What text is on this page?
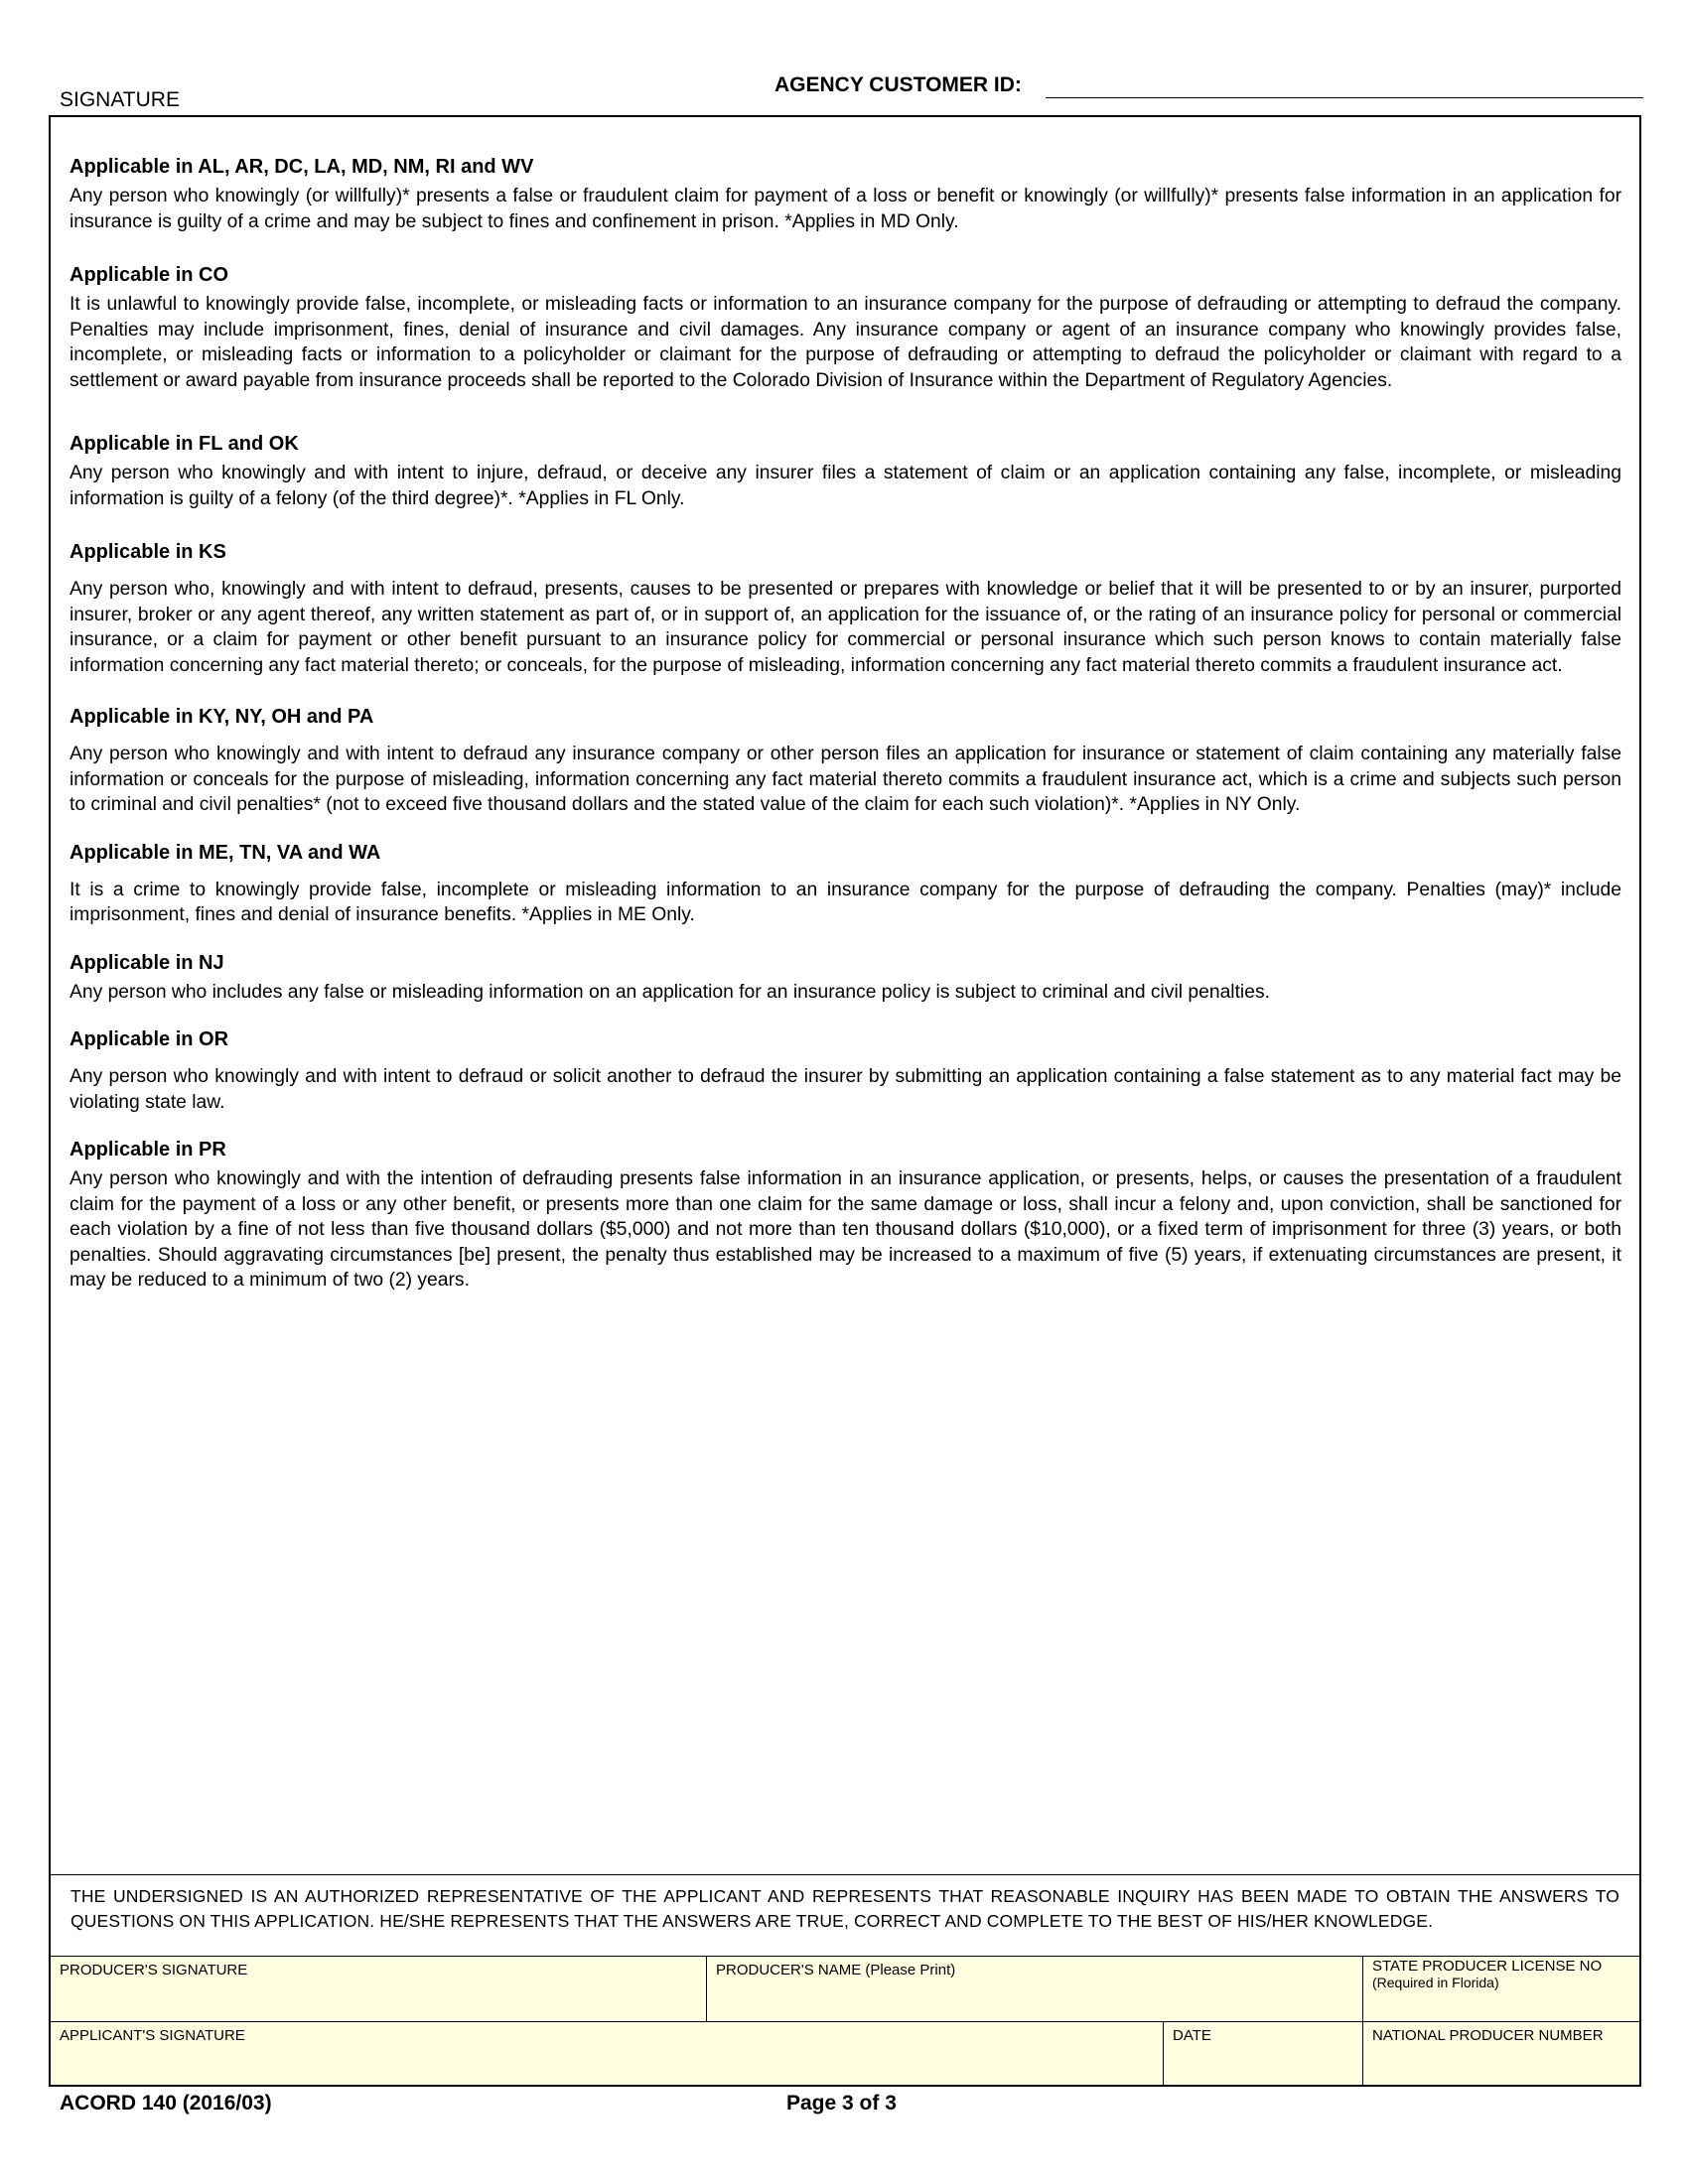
SIGNATURE
AGENCY CUSTOMER ID:
Applicable in AL, AR, DC, LA, MD, NM, RI and WV

Any person who knowingly (or willfully)* presents a false or fraudulent claim for payment of a loss or benefit or knowingly (or willfully)* presents false information in an application for insurance is guilty of a crime and may be subject to fines and confinement in prison. *Applies in MD Only.

Applicable in CO

It is unlawful to knowingly provide false, incomplete, or misleading facts or information to an insurance company for the purpose of defrauding or attempting to defraud the company. Penalties may include imprisonment, fines, denial of insurance and civil damages. Any insurance company or agent of an insurance company who knowingly provides false, incomplete, or misleading facts or information to a policyholder or claimant for the purpose of defrauding or attempting to defraud the policyholder or claimant with regard to a settlement or award payable from insurance proceeds shall be reported to the Colorado Division of Insurance within the Department of Regulatory Agencies.

Applicable in FL and OK

Any person who knowingly and with intent to injure, defraud, or deceive any insurer files a statement of claim or an application containing any false, incomplete, or misleading information is guilty of a felony (of the third degree)*. *Applies in FL Only.

Applicable in KS

Any person who, knowingly and with intent to defraud, presents, causes to be presented or prepares with knowledge or belief that it will be presented to or by an insurer, purported insurer, broker or any agent thereof, any written statement as part of, or in support of, an application for the issuance of, or the rating of an insurance policy for personal or commercial insurance, or a claim for payment or other benefit pursuant to an insurance policy for commercial or personal insurance which such person knows to contain materially false information concerning any fact material thereto; or conceals, for the purpose of misleading, information concerning any fact material thereto commits a fraudulent insurance act.

Applicable in KY, NY, OH and PA

Any person who knowingly and with intent to defraud any insurance company or other person files an application for insurance or statement of claim containing any materially false information or conceals for the purpose of misleading, information concerning any fact material thereto commits a fraudulent insurance act, which is a crime and subjects such person to criminal and civil penalties* (not to exceed five thousand dollars and the stated value of the claim for each such violation)*. *Applies in NY Only.

Applicable in ME, TN, VA and WA

It is a crime to knowingly provide false, incomplete or misleading information to an insurance company for the purpose of defrauding the company. Penalties (may)* include imprisonment, fines and denial of insurance benefits. *Applies in ME Only.

Applicable in NJ

Any person who includes any false or misleading information on an application for an insurance policy is subject to criminal and civil penalties.

Applicable in OR

Any person who knowingly and with intent to defraud or solicit another to defraud the insurer by submitting an application containing a false statement as to any material fact may be violating state law.

Applicable in PR

Any person who knowingly and with the intention of defrauding presents false information in an insurance application, or presents, helps, or causes the presentation of a fraudulent claim for the payment of a loss or any other benefit, or presents more than one claim for the same damage or loss, shall incur a felony and, upon conviction, shall be sanctioned for each violation by a fine of not less than five thousand dollars ($5,000) and not more than ten thousand dollars ($10,000), or a fixed term of imprisonment for three (3) years, or both penalties. Should aggravating circumstances [be] present, the penalty thus established may be increased to a maximum of five (5) years, if extenuating circumstances are present, it may be reduced to a minimum of two (2) years.

THE UNDERSIGNED IS AN AUTHORIZED REPRESENTATIVE OF THE APPLICANT AND REPRESENTS THAT REASONABLE INQUIRY HAS BEEN MADE TO OBTAIN THE ANSWERS TO QUESTIONS ON THIS APPLICATION. HE/SHE REPRESENTS THAT THE ANSWERS ARE TRUE, CORRECT AND COMPLETE TO THE BEST OF HIS/HER KNOWLEDGE.

PRODUCER'S SIGNATURE	PRODUCER'S NAME (Please Print)	STATE PRODUCER LICENSE NO
(Required in Florida)
APPLICANT'S SIGNATURE	DATE	NATIONAL PRODUCER NUMBER
ACORD 140 (2016/03)	Page 3 of 3
